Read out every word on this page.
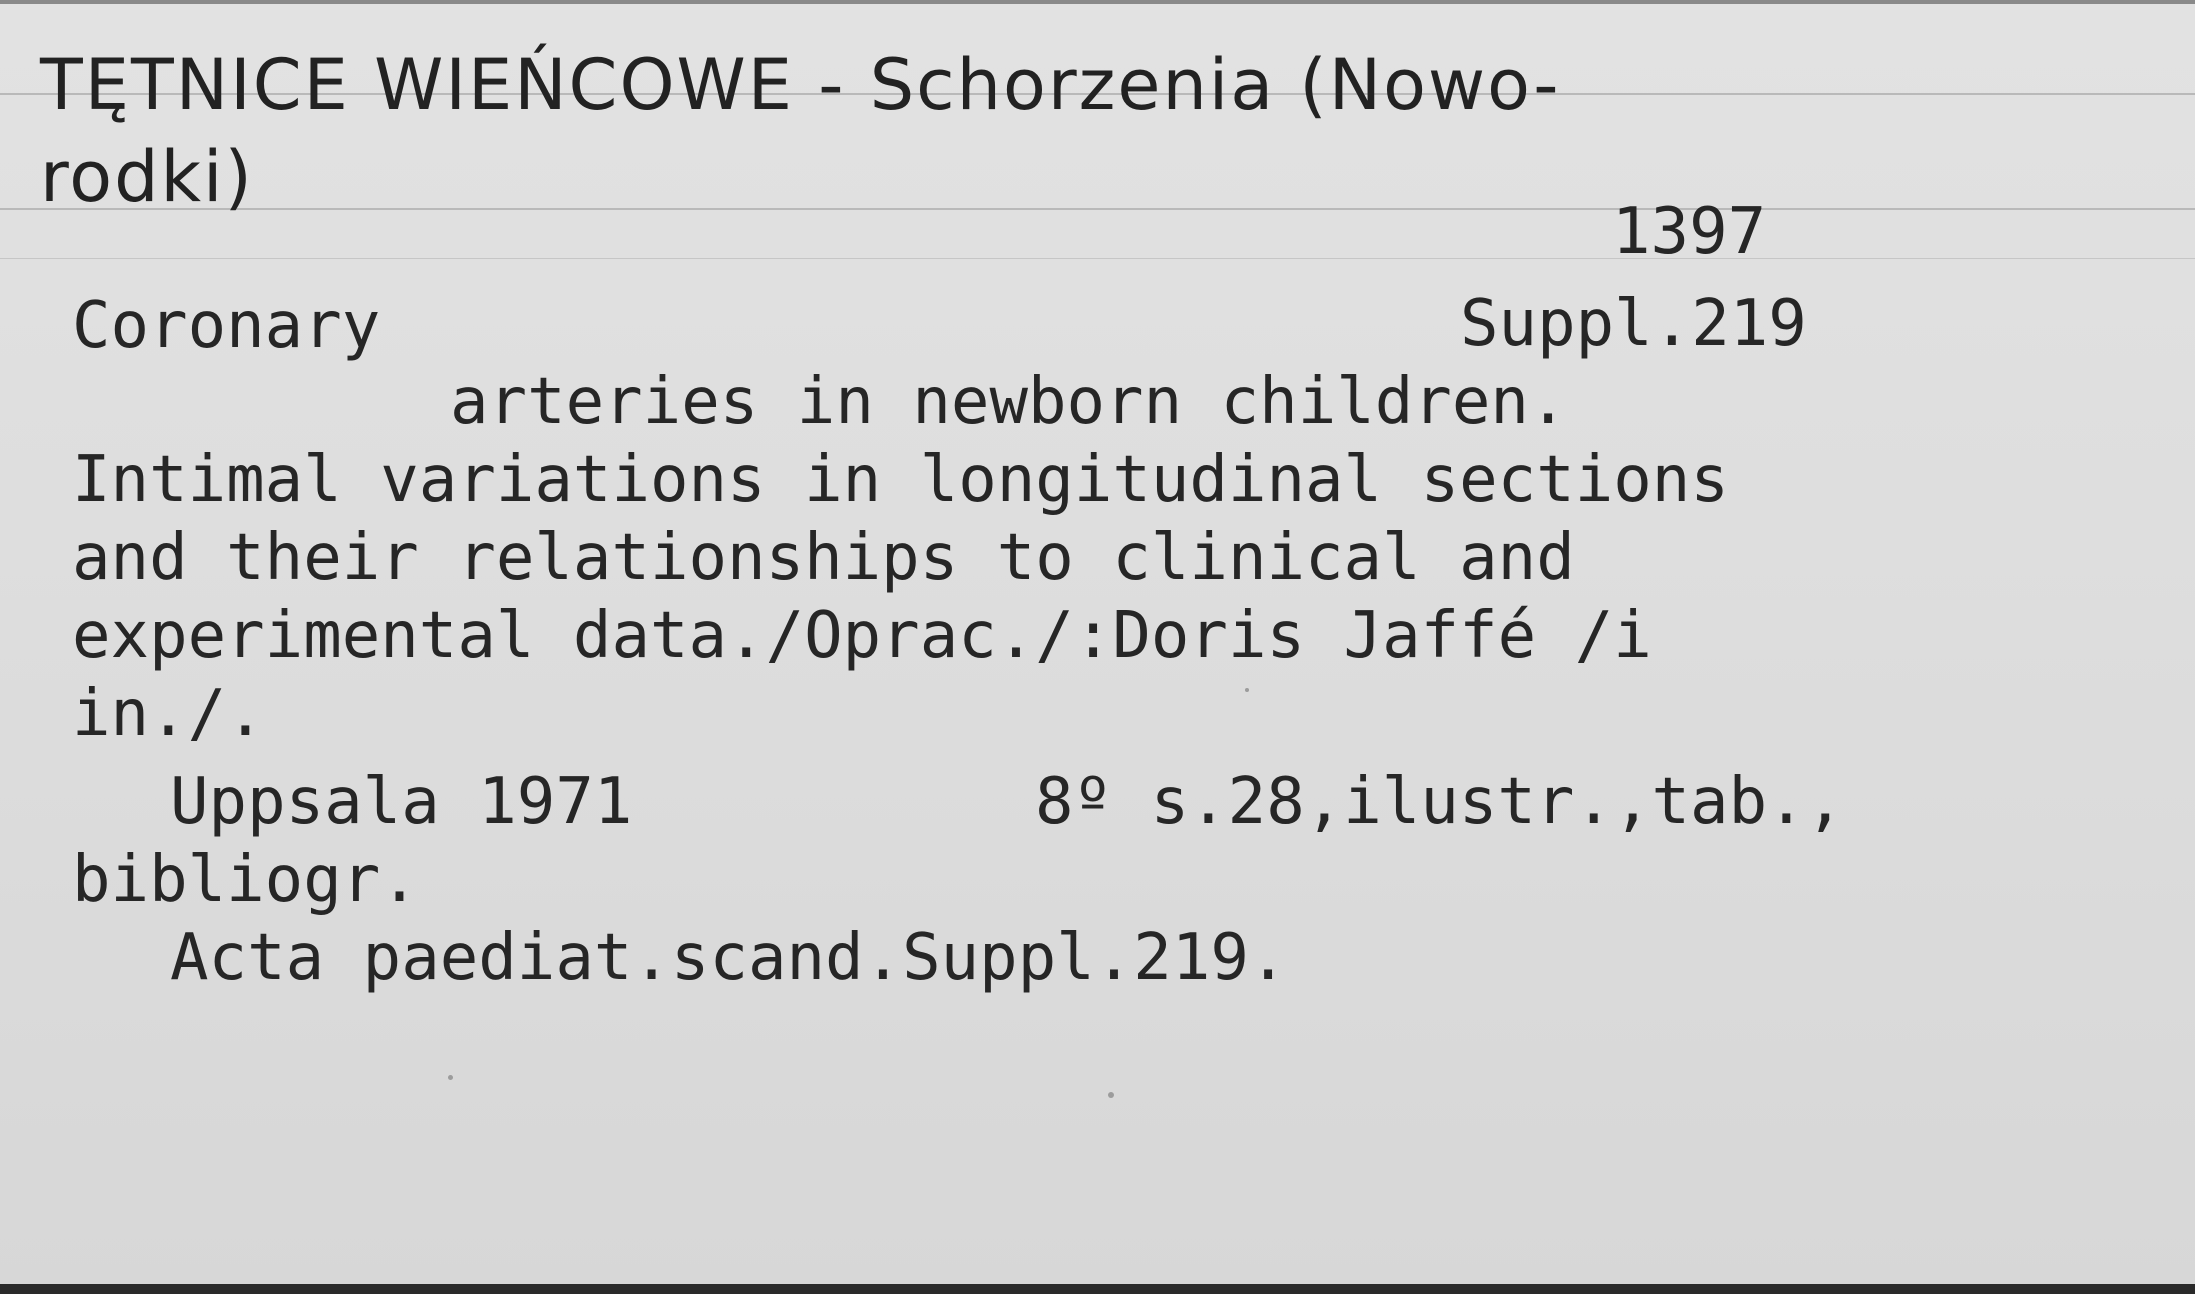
TĘTNICE WIEŃCOWE - Schorzenia (Nowo-
rodki)
1397
Suppl.219
Coronary
arteries in newborn children.
Intimal variations in longitudinal sections
and their relationships to clinical and
experimental data./Oprac./:Doris Jaffé /i
in./.
Uppsala 1971	8º s.28,ilustr.,tab.,
bibliogr.
Acta paediat.scand.Suppl.219.
